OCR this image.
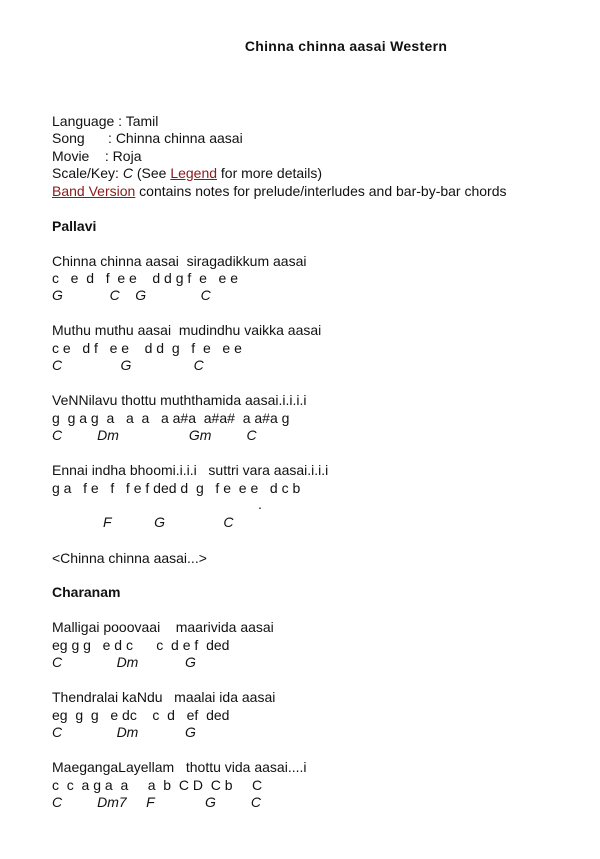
Chinna chinna aasai Western
Language : Tamil
Song      : Chinna chinna aasai
Movie    : Roja
Scale/Key: C (See Legend for more details)
Band Version contains notes for prelude/interludes and bar-by-bar chords
Pallavi
Chinna chinna aasai  siragadikkum aasai
c   e  d   f  e e    d d g f  e   e e
G            C    G              C
Muthu muthu aasai  mudindhu vaikka aasai
c e   d f   e e    d d  g   f  e   e e
C               G                C
VeNNilavu thottu muththamida aasai.i.i.i.i
g  g a g  a   a  a   a a#a  a#a#  a a#a g
C         Dm                  Gm         C
Ennai indha bhoomi.i.i.i   suttri vara aasai.i.i.i
g a   f e   f   f e f ded d  g   f e  e e   d c b
.
F           G               C
<Chinna chinna aasai...>
Charanam
Malligai pooovaai    maarivida aasai
eg g g   e d c      c  d e f  ded
C              Dm            G
Thendralai kaNdu   maalai ida aasai
eg  g  g   e dc    c  d   ef  ded
C              Dm            G
MaegangaLayellam   thottu vida aasai....i
c  c  a g a  a     a  b  C D  C b     C
C         Dm7     F             G         C
